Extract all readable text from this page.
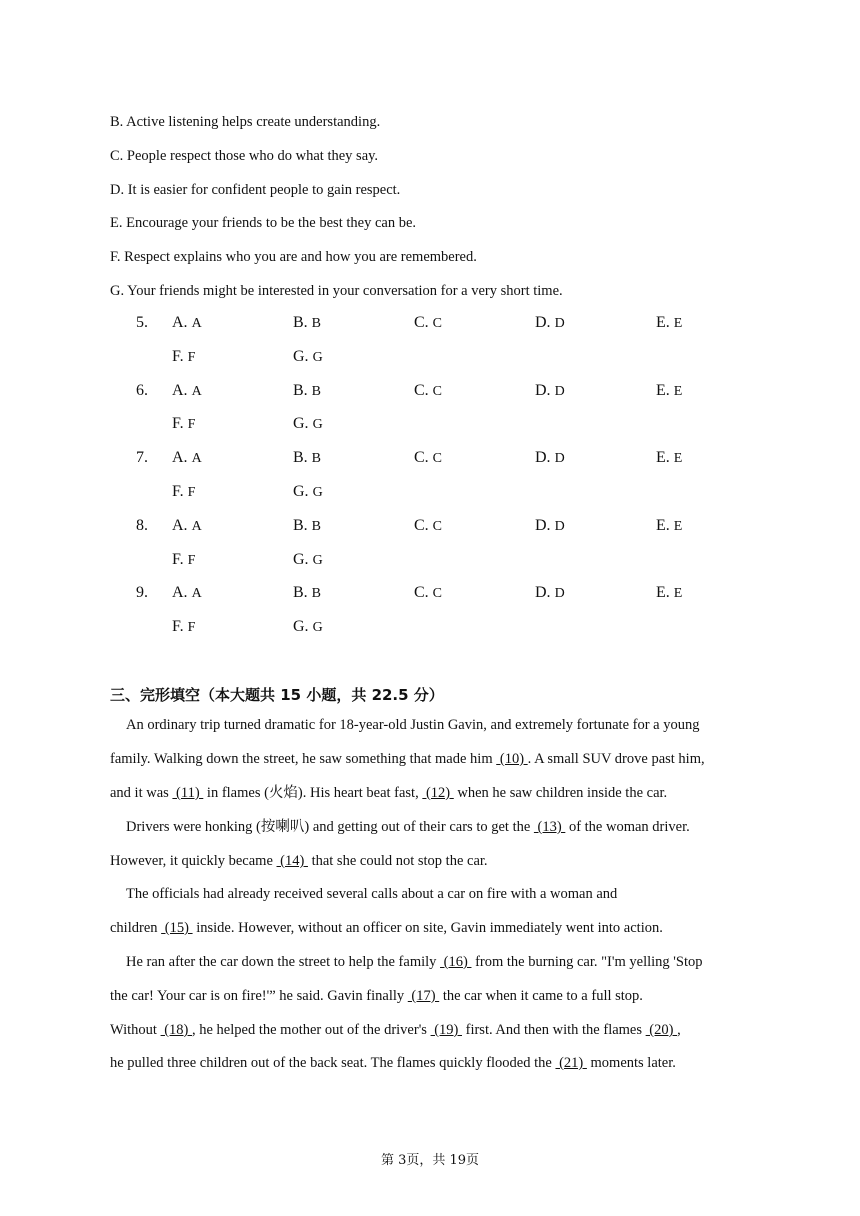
B. Active listening helps create understanding.
C. People respect those who do what they say.
D. It is easier for confident people to gain respect.
E. Encourage your friends to be the best they can be.
F. Respect explains who you are and how you are remembered.
G. Your friends might be interested in your conversation for a very short time.
5. A. A	B. B	C. C	D. D	E. E
F. F	G. G
6. A. A	B. B	C. C	D. D	E. E
F. F	G. G
7. A. A	B. B	C. C	D. D	E. E
F. F	G. G
8. A. A	B. B	C. C	D. D	E. E
F. F	G. G
9. A. A	B. B	C. C	D. D	E. E
F. F	G. G
三、完形填空（本大题共 15 小题，共 22.5 分）
An ordinary trip turned dramatic for 18-year-old Justin Gavin, and extremely fortunate for a young
family. Walking down the street, he saw something that made him  (10) . A small SUV drove past him,
and it was  (11)  in flames (火焰). His heart beat fast,  (12)  when he saw children inside the car.
Drivers were honking (按喇叭) and getting out of their cars to get the  (13)  of the woman driver.
However, it quickly became  (14)  that she could not stop the car.
The officials had already received several calls about a car on fire with a woman and
children  (15)  inside. However, without an officer on site, Gavin immediately went into action.
He ran after the car down the street to help the family  (16)  from the burning car. "I'm yelling 'Stop
the car! Your car is on fire!'” he said. Gavin finally  (17)  the car when it came to a full stop.
Without  (18) , he helped the mother out of the driver's  (19)  first. And then with the flames  (20) ,
he pulled three children out of the back seat. The flames quickly flooded the  (21)  moments later.
第 3页，共 19页
